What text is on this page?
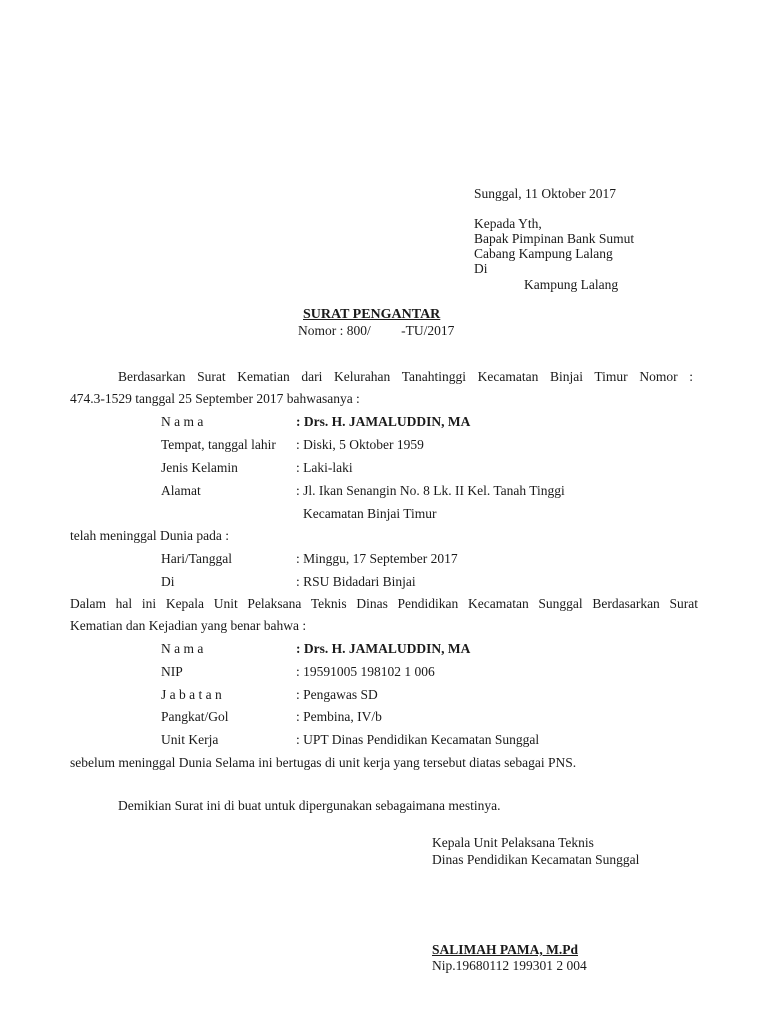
Sunggal, 11 Oktober 2017
Kepada Yth,
Bapak Pimpinan Bank Sumut
Cabang Kampung Lalang
Di
Kampung Lalang
SURAT PENGANTAR
Nomor : 800/         -TU/2017
Berdasarkan Surat Kematian dari Kelurahan Tanahtinggi Kecamatan Binjai Timur Nomor :
474.3-1529 tanggal 25 September 2017 bahwasanya :
N a m a	: Drs. H. JAMALUDDIN, MA
Tempat, tanggal lahir : Diski, 5 Oktober 1959
Jenis Kelamin	: Laki-laki
Alamat	: Jl. Ikan Senangin No. 8 Lk. II Kel. Tanah Tinggi
Kecamatan Binjai Timur
telah meninggal Dunia pada :
Hari/Tanggal	: Minggu, 17 September 2017
Di	: RSU Bidadari Binjai
Dalam hal ini Kepala Unit Pelaksana Teknis Dinas Pendidikan Kecamatan Sunggal Berdasarkan Surat
Kematian dan Kejadian yang benar bahwa :
N a m a	: Drs. H. JAMALUDDIN, MA
NIP	: 19591005 198102 1 006
J a b a t a n	: Pengawas SD
Pangkat/Gol	: Pembina, IV/b
Unit Kerja	: UPT Dinas Pendidikan Kecamatan Sunggal
sebelum meninggal Dunia Selama ini bertugas di unit kerja yang tersebut diatas sebagai PNS.
Demikian Surat ini di buat untuk dipergunakan sebagaimana mestinya.
Kepala Unit Pelaksana Teknis
Dinas Pendidikan Kecamatan Sunggal
SALIMAH PAMA, M.Pd
Nip.19680112 199301 2 004
